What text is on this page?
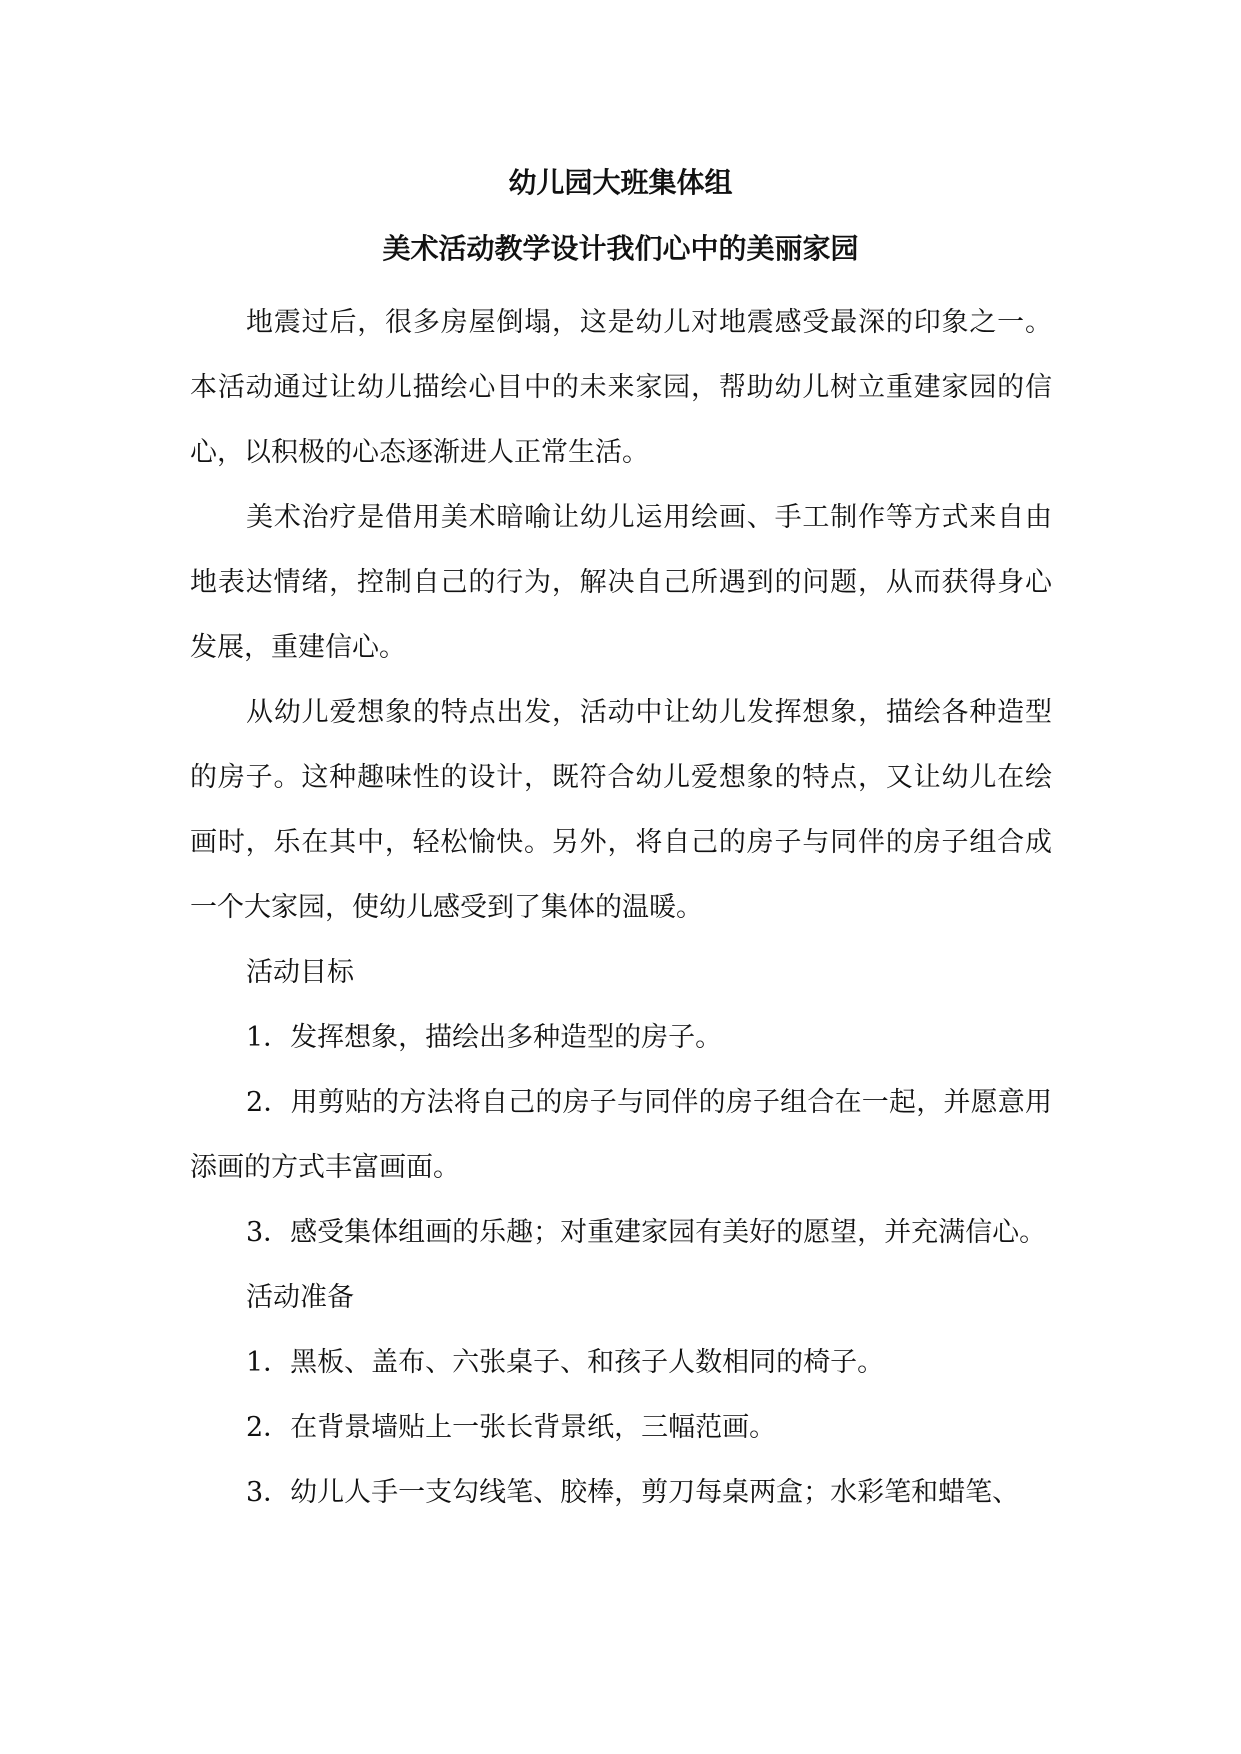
幼儿园大班集体组
美术活动教学设计我们心中的美丽家园

地震过后，很多房屋倒塌，这是幼儿对地震感受最深的印象之一。本活动通过让幼儿描绘心目中的未来家园，帮助幼儿树立重建家园的信心，以积极的心态逐渐进人正常生活。

美术治疗是借用美术暗喻让幼儿运用绘画、手工制作等方式来自由地表达情绪，控制自己的行为，解决自己所遇到的问题，从而获得身心发展，重建信心。

从幼儿爱想象的特点出发，活动中让幼儿发挥想象，描绘各种造型的房子。这种趣味性的设计，既符合幼儿爱想象的特点，又让幼儿在绘画时，乐在其中，轻松愉快。另外，将自己的房子与同伴的房子组合成一个大家园，使幼儿感受到了集体的温暖。

活动目标

1．发挥想象，描绘出多种造型的房子。

2．用剪贴的方法将自己的房子与同伴的房子组合在一起，并愿意用添画的方式丰富画面。

3．感受集体组画的乐趣；对重建家园有美好的愿望，并充满信心。

活动准备

1．黑板、盖布、六张桌子、和孩子人数相同的椅子。

2．在背景墙贴上一张长背景纸，三幅范画。

3．幼儿人手一支勾线笔、胶棒，剪刀每桌两盒；水彩笔和蜡笔、
